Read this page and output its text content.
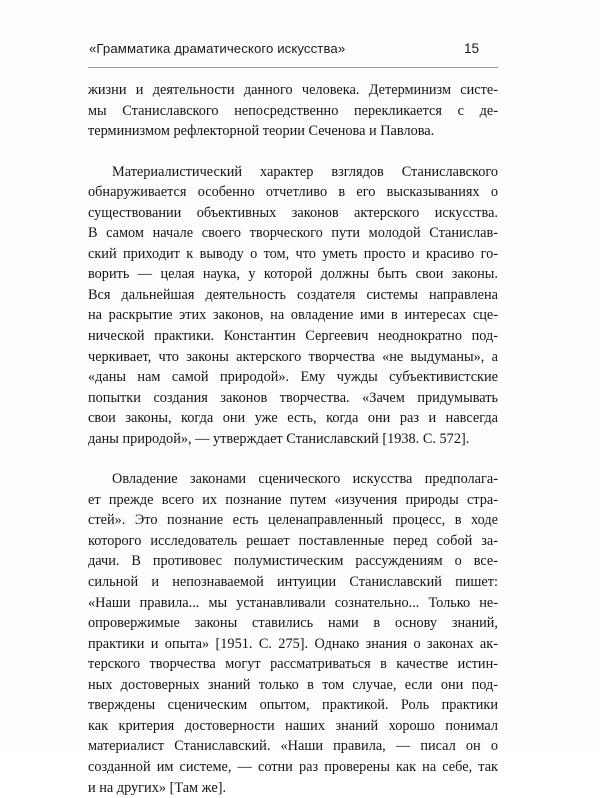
«Грамматика драматического искусства»	15
жизни и деятельности данного человека. Детерминизм систе-
мы Станиславского непосредственно перекликается с де-
терминизмом рефлекторной теории Сеченова и Павлова.
Материалистический характер взглядов Станиславского
обнаруживается особенно отчетливо в его высказываниях о
существовании объективных законов актерского искусства.
В самом начале своего творческого пути молодой Станислав-
ский приходит к выводу о том, что уметь просто и красиво го-
ворить — целая наука, у которой должны быть свои законы.
Вся дальнейшая деятельность создателя системы направлена
на раскрытие этих законов, на овладение ими в интересах сце-
нической практики. Константин Сергеевич неоднократно под-
черкивает, что законы актерского творчества «не выдуманы», а
«даны нам самой природой». Ему чужды субъективистские
попытки создания законов творчества. «Зачем придумывать
свои законы, когда они уже есть, когда они раз и навсегда
даны природой», — утверждает Станиславский [1938. С. 572].
Овладение законами сценического искусства предполага-
ет прежде всего их познание путем «изучения природы стра-
стей». Это познание есть целенаправленный процесс, в ходе
которого исследователь решает поставленные перед собой за-
дачи. В противовес полумистическим рассуждениям о все-
сильной и непознаваемой интуиции Станиславский пишет:
«Наши правила... мы устанавливали сознательно... Только не-
опровержимые законы ставились нами в основу знаний,
практики и опыта» [1951. С. 275]. Однако знания о законах ак-
терского творчества могут рассматриваться в качестве истин-
ных достоверных знаний только в том случае, если они под-
тверждены сценическим опытом, практикой. Роль практики
как критерия достоверности наших знаний хорошо понимал
материалист Станиславский. «Наши правила, — писал он о
созданной им системе, — сотни раз проверены как на себе, так
и на других» [Там же].
